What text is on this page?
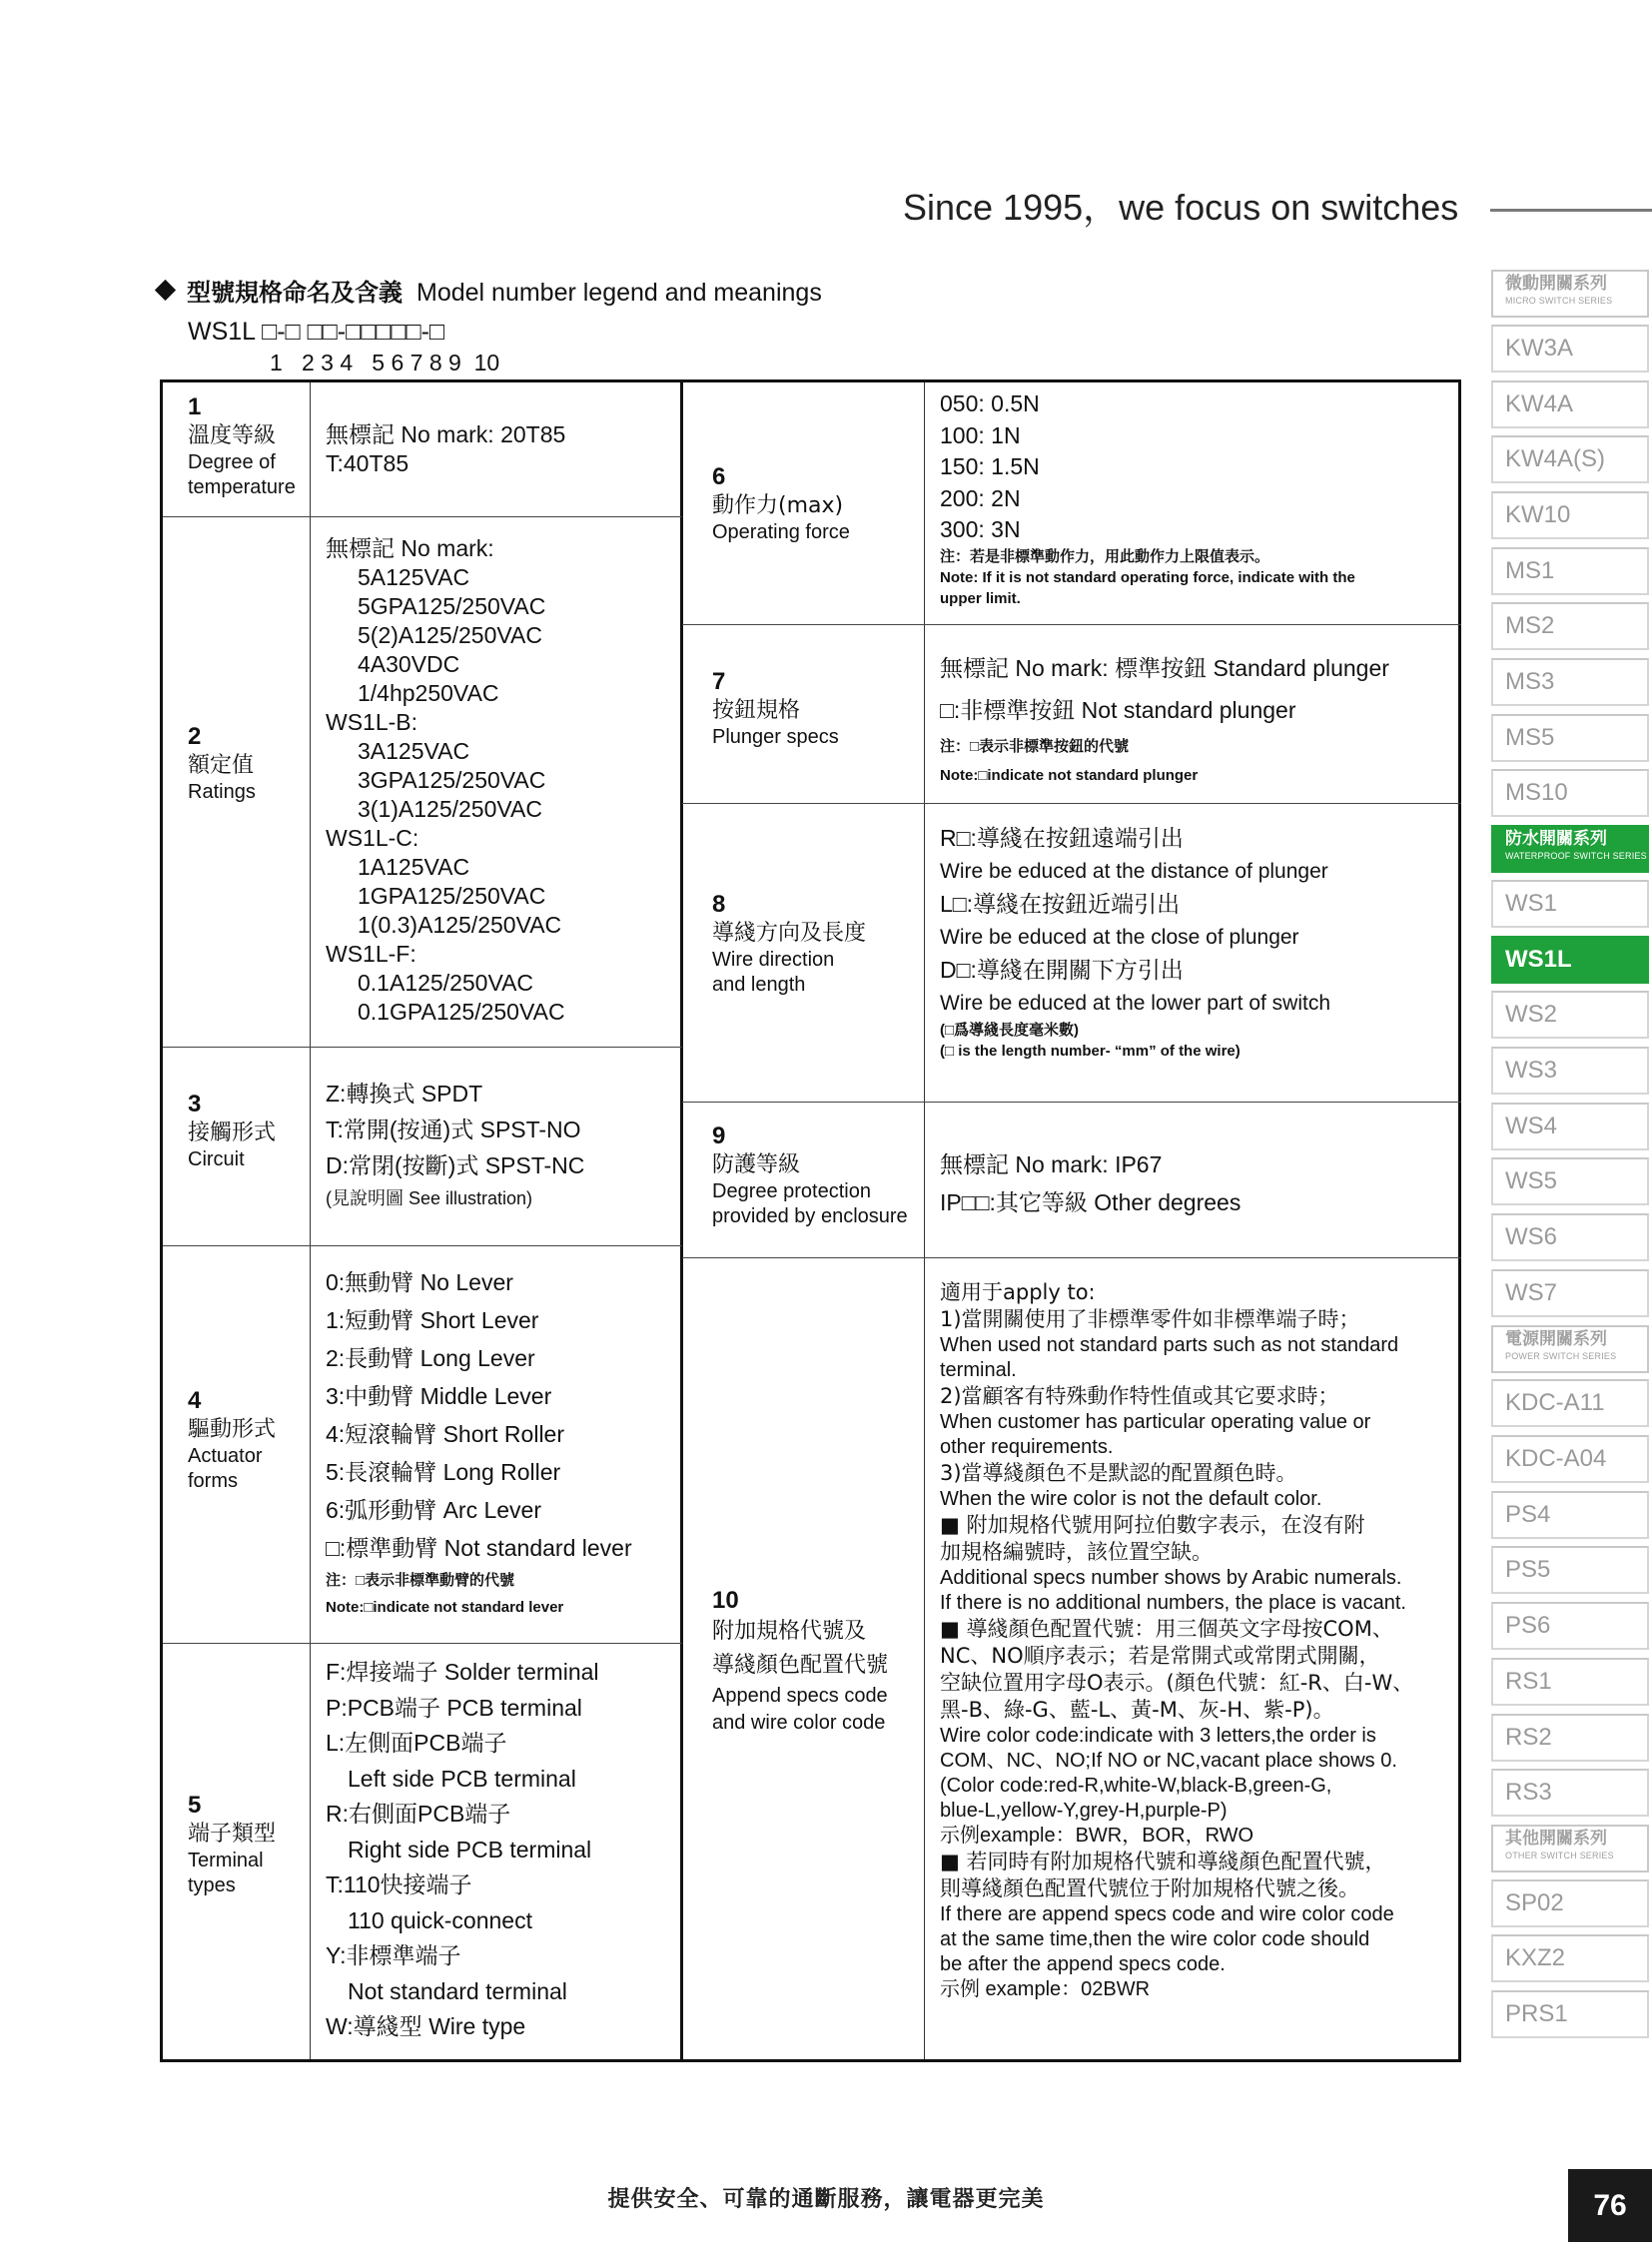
Since 1995，we focus on switches
型號規格命名及含義 Model number legend and meanings
WS1L □-□ □□-□□□□□-□
1   2 3 4   5 6 7 8 9  10
1
溫度等級
Degree of
temperature
無標記 No mark: 20T85
T:40T85
2
額定值
Ratings
無標記 No mark:
5A125VAC
5GPA125/250VAC
5(2)A125/250VAC
4A30VDC
1/4hp250VAC
WS1L-B:
3A125VAC
3GPA125/250VAC
3(1)A125/250VAC
WS1L-C:
1A125VAC
1GPA125/250VAC
1(0.3)A125/250VAC
WS1L-F:
0.1A125/250VAC
0.1GPA125/250VAC
3
接觸形式
Circuit
Z:轉換式 SPDT
T:常開(按通)式 SPST-NO
D:常閉(按斷)式 SPST-NC
(見說明圖 See illustration)
4
驅動形式
Actuator
forms
0:無動臂 No Lever
1:短動臂 Short Lever
2:長動臂 Long Lever
3:中動臂 Middle Lever
4:短滾輪臂 Short Roller
5:長滾輪臂 Long Roller
6:弧形動臂 Arc Lever
□:標準動臂 Not standard lever
注：□表示非標準動臂的代號
Note:□indicate not standard lever
5
端子類型
Terminal
types
F:焊接端子 Solder terminal
P:PCB端子 PCB terminal
L:左側面PCB端子
Left side PCB terminal
R:右側面PCB端子
Right side PCB terminal
T:110快接端子
110 quick-connect
Y:非標準端子
Not standard terminal
W:導綫型 Wire type
6
動作力(max)
Operating force
050: 0.5N
100: 1N
150: 1.5N
200: 2N
300: 3N
注：若是非標準動作力，用此動作力上限值表示。
Note: If it is not standard operating force, indicate with the
upper limit.
7
按鈕規格
Plunger specs
無標記 No mark: 標準按鈕 Standard plunger
□:非標準按鈕 Not standard plunger
注：□表示非標準按鈕的代號
Note:□indicate not standard plunger
8
導綫方向及長度
Wire direction
and length
R□:導綫在按鈕遠端引出
Wire be educed at the distance of plunger
L□:導綫在按鈕近端引出
Wire be educed at the close of plunger
D□:導綫在開關下方引出
Wire be educed at the lower part of switch
(□爲導綫長度毫米數)
(□ is the length number- “mm” of the wire)
9
防護等級
Degree protection
provided by enclosure
無標記 No mark: IP67
IP□□:其它等級 Other degrees
10
附加規格代號及
導綫顏色配置代號
Append specs code
and wire color code
適用于apply to:
1)當開關使用了非標準零件如非標準端子時；
When used not standard parts such as not standard
terminal.
2)當顧客有特殊動作特性值或其它要求時；
When customer has particular operating value or
other requirements.
3)當導綫顏色不是默認的配置顏色時。
When the wire color is not the default color.
■ 附加規格代號用阿拉伯數字表示，在沒有附
加規格編號時，該位置空缺。
Additional specs number shows by Arabic numerals.
If there is no additional numbers, the place is vacant.
■ 導綫顏色配置代號：用三個英文字母按COM、
NC、NO順序表示；若是常開式或常閉式開關，
空缺位置用字母O表示。(顏色代號：紅-R、白-W、
黑-B、綠-G、藍-L、黃-M、灰-H、紫-P)。
Wire color code:indicate with 3 letters,the order is
COM、NC、NO;If NO or NC,vacant place shows 0.
(Color code:red-R,white-W,black-B,green-G,
blue-L,yellow-Y,grey-H,purple-P)
示例example：BWR，BOR，RWO
■ 若同時有附加規格代號和導綫顏色配置代號，
則導綫顏色配置代號位于附加規格代號之後。
If there are append specs code and wire color code
at the same time,then the wire color code should
be after the append specs code.
示例 example：02BWR
微動開關系列
MICRO SWITCH SERIES
KW3A
KW4A
KW4A(S)
KW10
MS1
MS2
MS3
MS5
MS10
防水開關系列
WATERPROOF SWITCH SERIES
WS1
WS1L
WS2
WS3
WS4
WS5
WS6
WS7
電源開關系列
POWER SWITCH SERIES
KDC-A11
KDC-A04
PS4
PS5
PS6
RS1
RS2
RS3
其他開關系列
OTHER SWITCH SERIES
SP02
KXZ2
PRS1
提供安全、可靠的通斷服務，讓電器更完美	76
